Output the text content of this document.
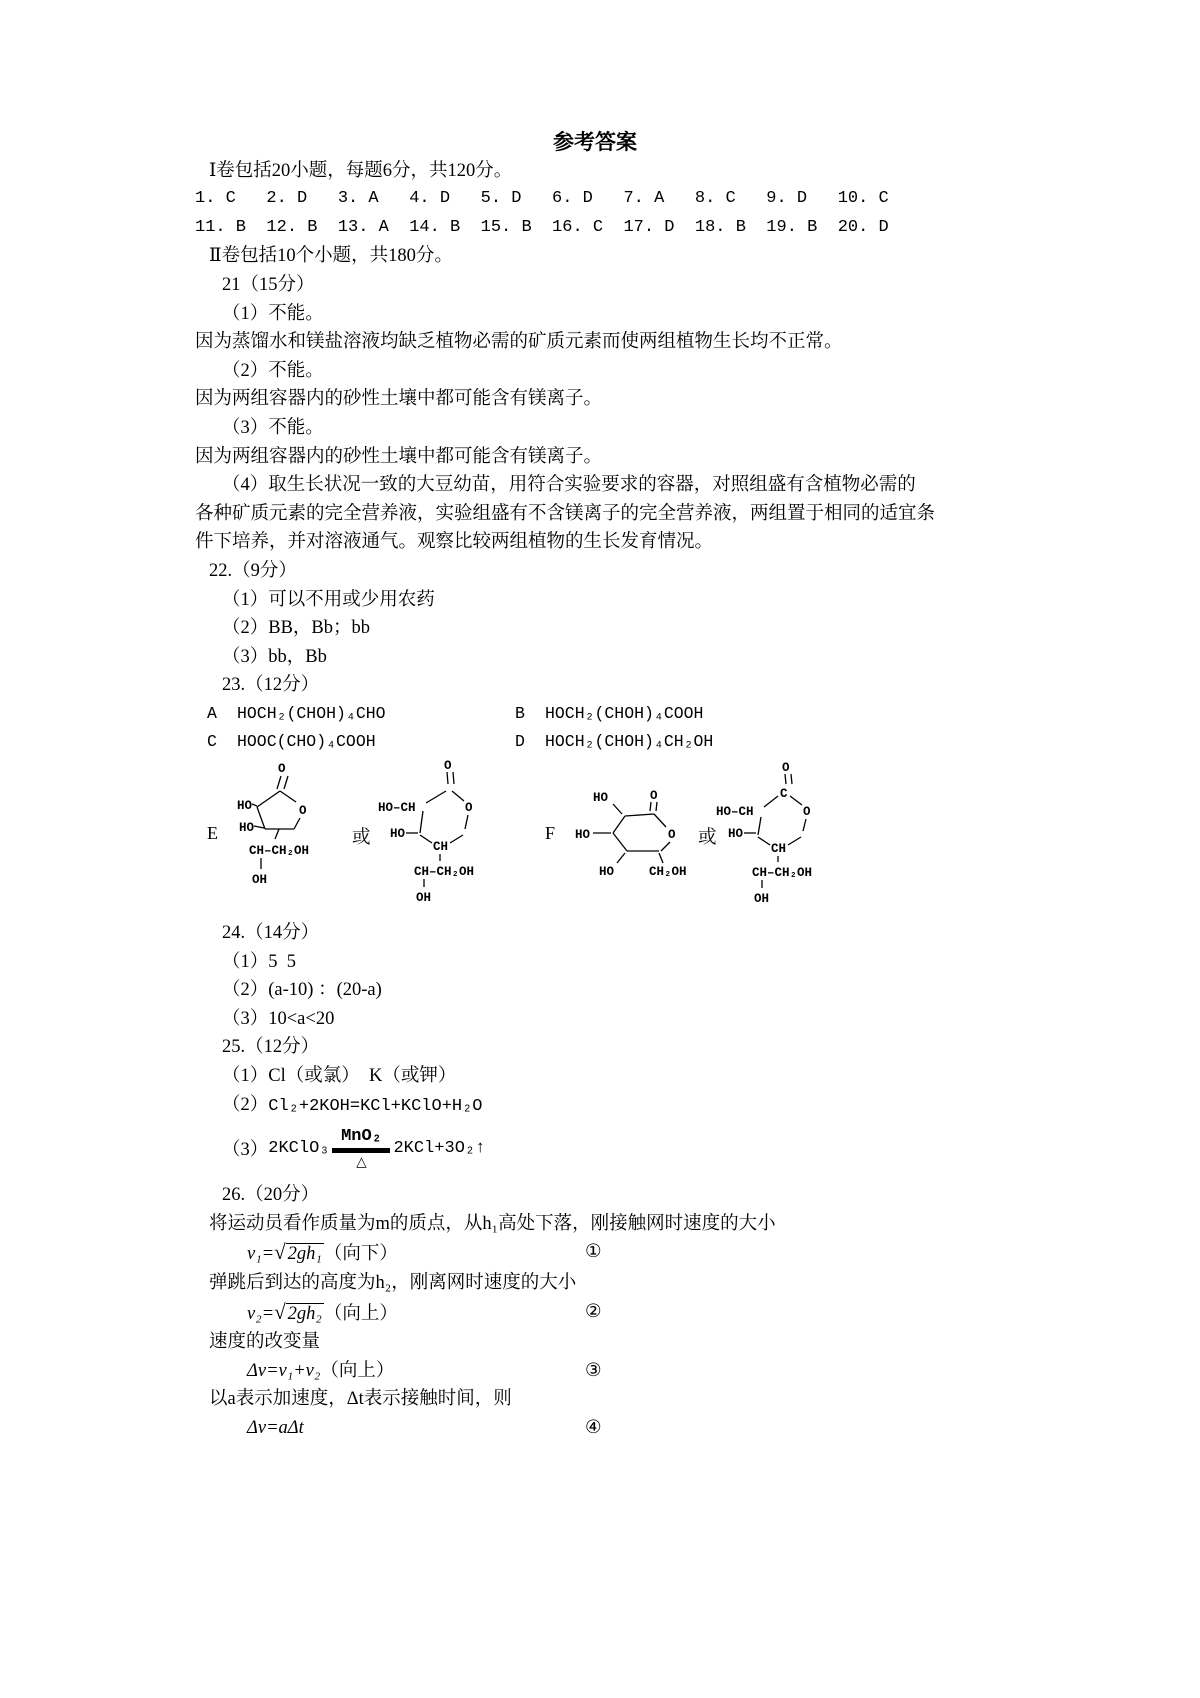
参考答案

Ⅰ卷包括20小题，每题6分，共120分。

1. C   2. D   3. A   4. D   5. D   6. D   7. A   8. C   9. D   10. C

11. B  12. B  13. A  14. B  15. B  16. C  17. D  18. B  19. B  20. D

Ⅱ卷包括10个小题，共180分。

21（15分）

（1）不能。

因为蒸馏水和镁盐溶液均缺乏植物必需的矿质元素而使两组植物生长均不正常。

（2）不能。

因为两组容器内的砂性土壤中都可能含有镁离子。

（3）不能。

因为两组容器内的砂性土壤中都可能含有镁离子。

（4）取生长状况一致的大豆幼苗，用符合实验要求的容器，对照组盛有含植物必需的

各种矿质元素的完全营养液，实验组盛有不含镁离子的完全营养液，两组置于相同的适宜条

件下培养，并对溶液通气。观察比较两组植物的生长发育情况。

22.（9分）

（1）可以不用或少用农药

（2）BB，Bb；bb

（3）bb，Bb

23.（12分）

A	HOCH₂(CHOH)₄CHO	B	HOCH₂(CHOH)₄COOH
C	HOOC(CHO)₄COOH	D	HOCH₂(CHOH)₄CH₂OH
E
O
O
HO
HO
CH–CH₂OH
OH
或
O
HO–CH
HO
O
CH
CH–CH₂OH
OH
F
HO	O
HO	O
HO	CH₂OH
或
O
C
HO–CH
HO
O
CH
CH–CH₂OH
OH

24.（14分）

（1）5  5

（2）(a-10) ：(20-a)

（3）10<a<20

25.（12分）

（1）Cl（或氯）  K（或钾）

（2）Cl₂+2KOH=KCl+KClO+H₂O

（3） 2KClO₃
MnO₂
△
2KCl+3O₂↑

26.（20分）

将运动员看作质量为m的质点，从h₁高处下落，刚接触网时速度的大小

v₁=√ 2gh₁ （向下）	①

弹跳后到达的高度为h₂，刚离网时速度的大小

v₂=√ 2gh₂ （向上）	②

速度的改变量

Δv=v₁+v₂（向上）	③

以a表示加速度，Δt表示接触时间，则

Δv=aΔt	④
